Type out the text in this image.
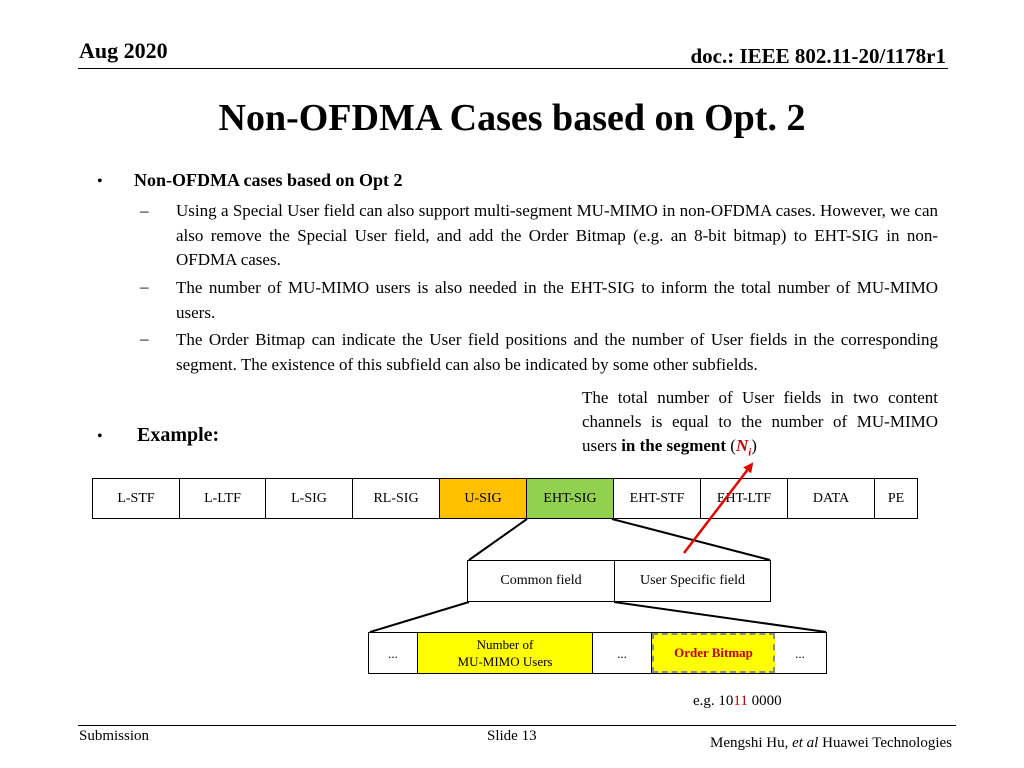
Aug 2020	doc.: IEEE 802.11-20/1178r1
Non-OFDMA Cases based on Opt. 2
• Non-OFDMA cases based on Opt 2
– Using a Special User field can also support multi-segment MU-MIMO in non-OFDMA cases. However, we can also remove the Special User field, and add the Order Bitmap (e.g. an 8-bit bitmap) to EHT-SIG in non-OFDMA cases.
– The number of MU-MIMO users is also needed in the EHT-SIG to inform the total number of MU-MIMO users.
– The Order Bitmap can indicate the User field positions and the number of User fields in the corresponding segment. The existence of this subfield can also be indicated by some other subfields.
• Example:
The total number of User fields in two content channels is equal to the number of MU-MIMO users in the segment $(N_i)$
L-STF	L-LTF	L-SIG	RL-SIG	U-SIG	EHT-SIG	EHT-STF	EHT-LTF	DATA	PE
Common field	User Specific field
...
Number of
MU-MIMO Users
...	Order Bitmap	...
e.g. 1011 0000
Submission	Slide 13	Mengshi Hu, et al Huawei Technologies
